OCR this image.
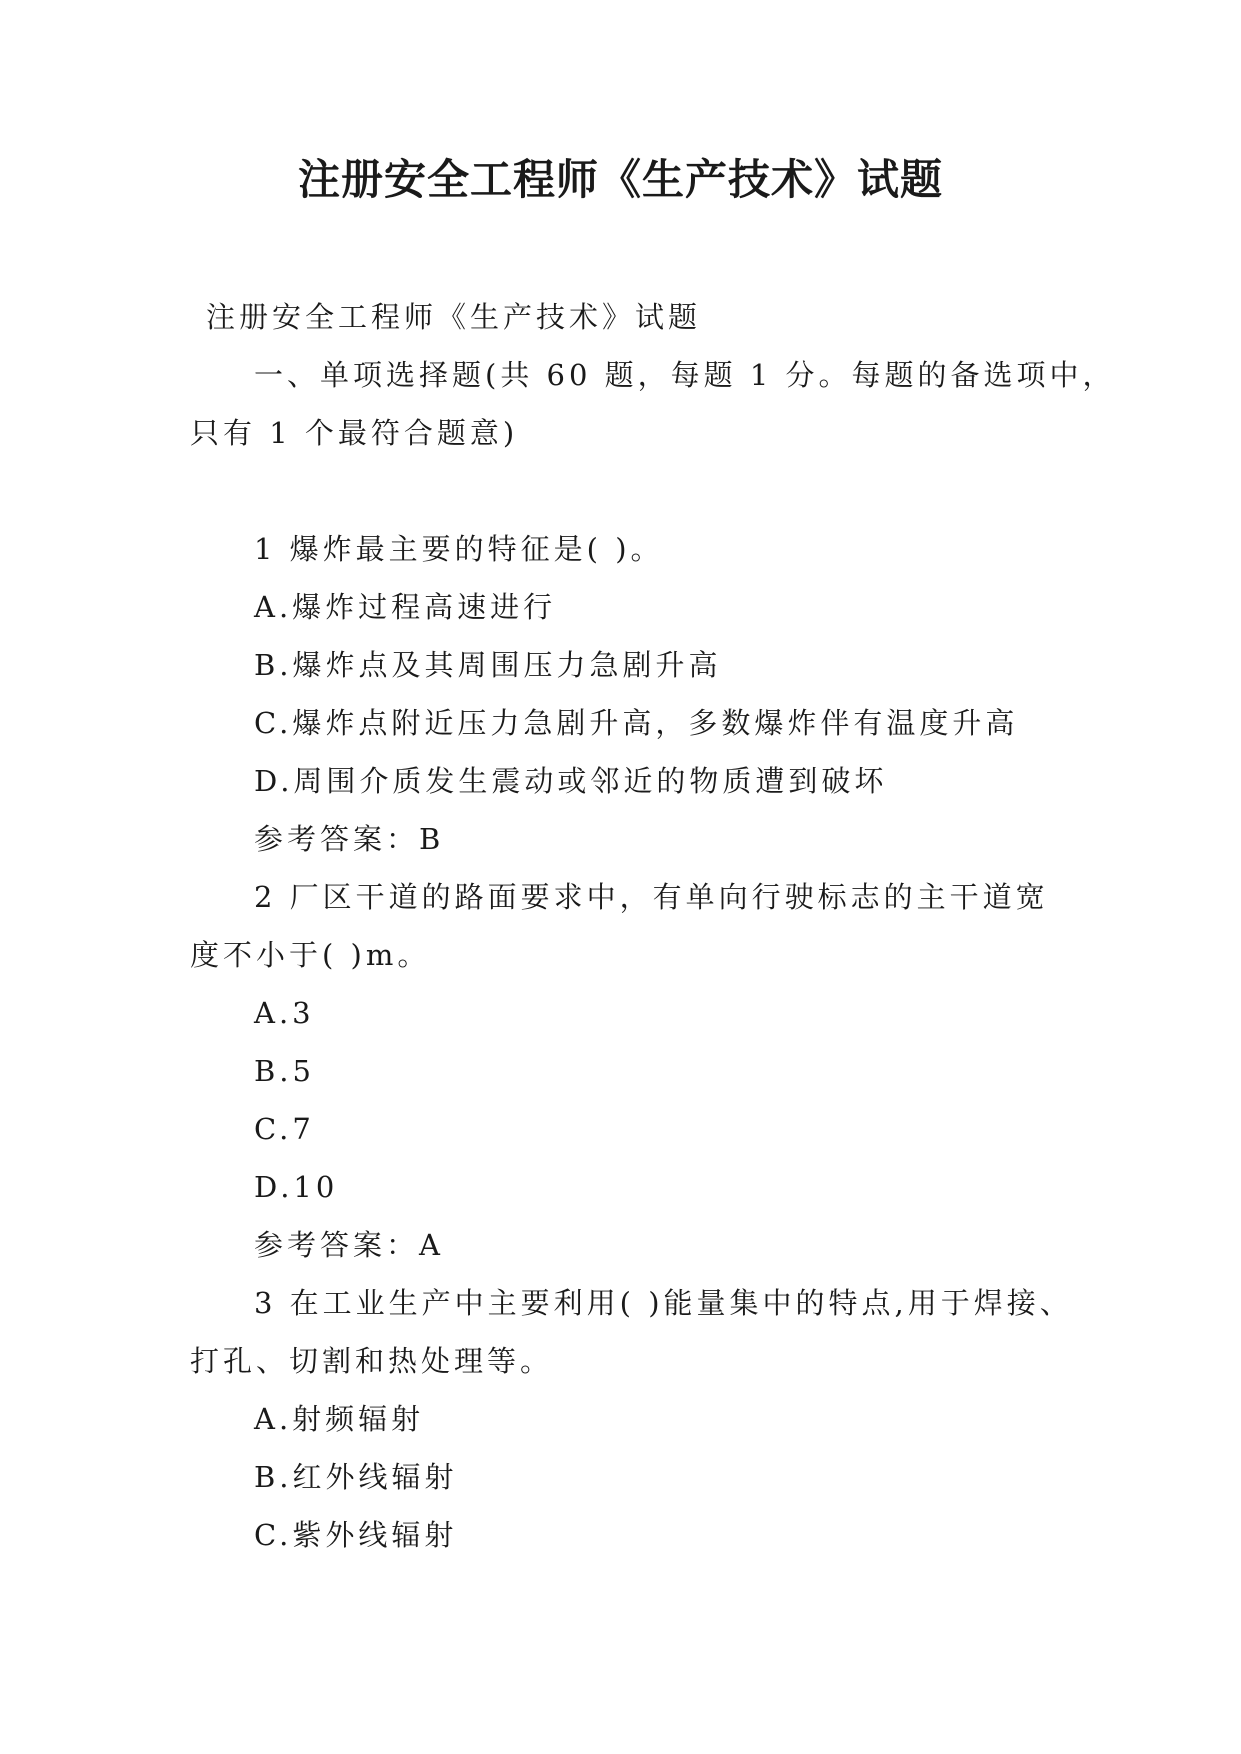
注册安全工程师《生产技术》试题
注册安全工程师《生产技术》试题
一、单项选择题(共 60 题，每题 1 分。每题的备选项中，
只有 1 个最符合题意)
1 爆炸最主要的特征是( )。
A.爆炸过程高速进行
B.爆炸点及其周围压力急剧升高
C.爆炸点附近压力急剧升高，多数爆炸伴有温度升高
D.周围介质发生震动或邻近的物质遭到破坏
参考答案：B
2 厂区干道的路面要求中，有单向行驶标志的主干道宽
度不小于( )m。
A.3
B.5
C.7
D.10
参考答案：A
3 在工业生产中主要利用( )能量集中的特点,用于焊接、
打孔、切割和热处理等。
A.射频辐射
B.红外线辐射
C.紫外线辐射
